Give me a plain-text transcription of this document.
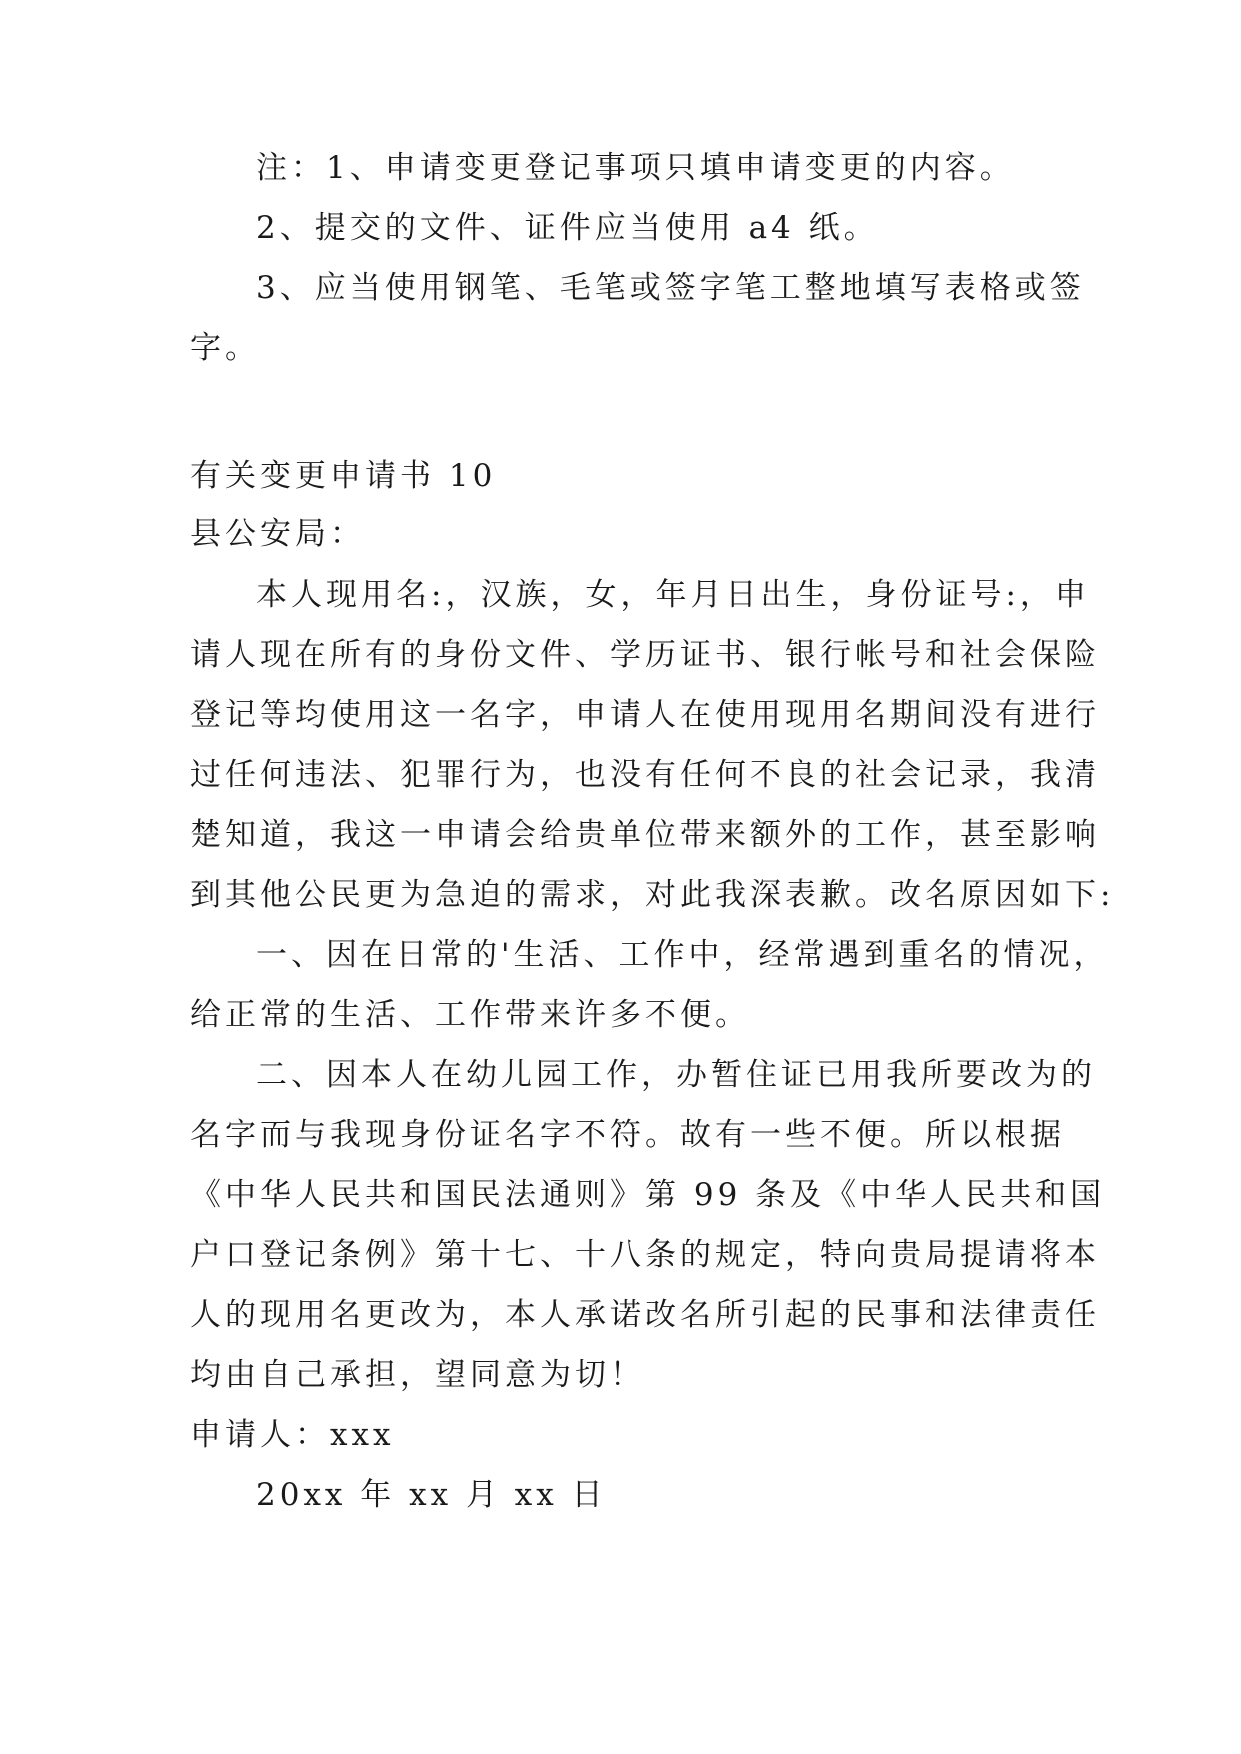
注：1、申请变更登记事项只填申请变更的内容。
2、提交的文件、证件应当使用 a4 纸。
3、应当使用钢笔、毛笔或签字笔工整地填写表格或签
字。
有关变更申请书 10
县公安局：
本人现用名:，汉族，女，年月日出生，身份证号:，申
请人现在所有的身份文件、学历证书、银行帐号和社会保险
登记等均使用这一名字，申请人在使用现用名期间没有进行
过任何违法、犯罪行为，也没有任何不良的社会记录，我清
楚知道，我这一申请会给贵单位带来额外的工作，甚至影响
到其他公民更为急迫的需求，对此我深表歉。改名原因如下:
一、因在日常的'生活、工作中，经常遇到重名的情况，
给正常的生活、工作带来许多不便。
二、因本人在幼儿园工作，办暂住证已用我所要改为的
名字而与我现身份证名字不符。故有一些不便。所以根据
《中华人民共和国民法通则》第 99 条及《中华人民共和国
户口登记条例》第十七、十八条的规定，特向贵局提请将本
人的现用名更改为，本人承诺改名所引起的民事和法律责任
均由自己承担，望同意为切！
申请人：xxx
20xx 年 xx 月 xx 日
